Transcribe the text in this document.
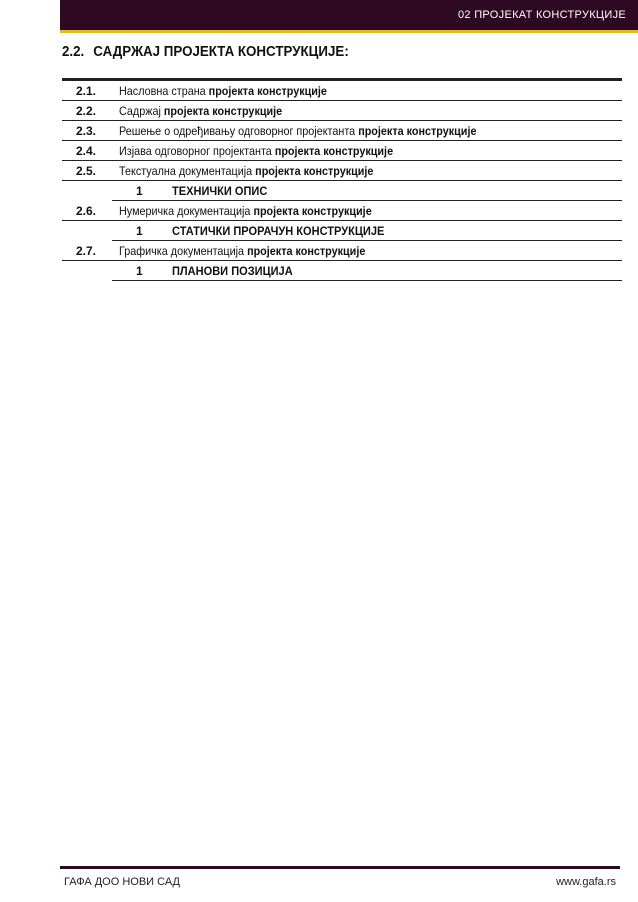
02 ПРОЈЕКАТ КОНСТРУКЦИЈЕ
2.2. САДРЖАЈ ПРОЈЕКТА КОНСТРУКЦИЈЕ:
2.1. Насловна страна пројекта конструкције
2.2. Садржај пројекта конструкције
2.3. Решење о одређивању одговорног пројектанта пројекта конструкције
2.4. Изјава одговорног пројектанта пројекта конструкције
2.5. Текстуална документација пројекта конструкције
1 ТЕХНИЧКИ ОПИС
2.6. Нумеричка документација пројекта конструкције
1 СТАТИЧКИ ПРОРАЧУН КОНСТРУКЦИЈЕ
2.7. Графичка документација пројекта конструкције
1 ПЛАНОВИ ПОЗИЦИЈА
ГАФА ДОО НОВИ САД	www.gafa.rs
